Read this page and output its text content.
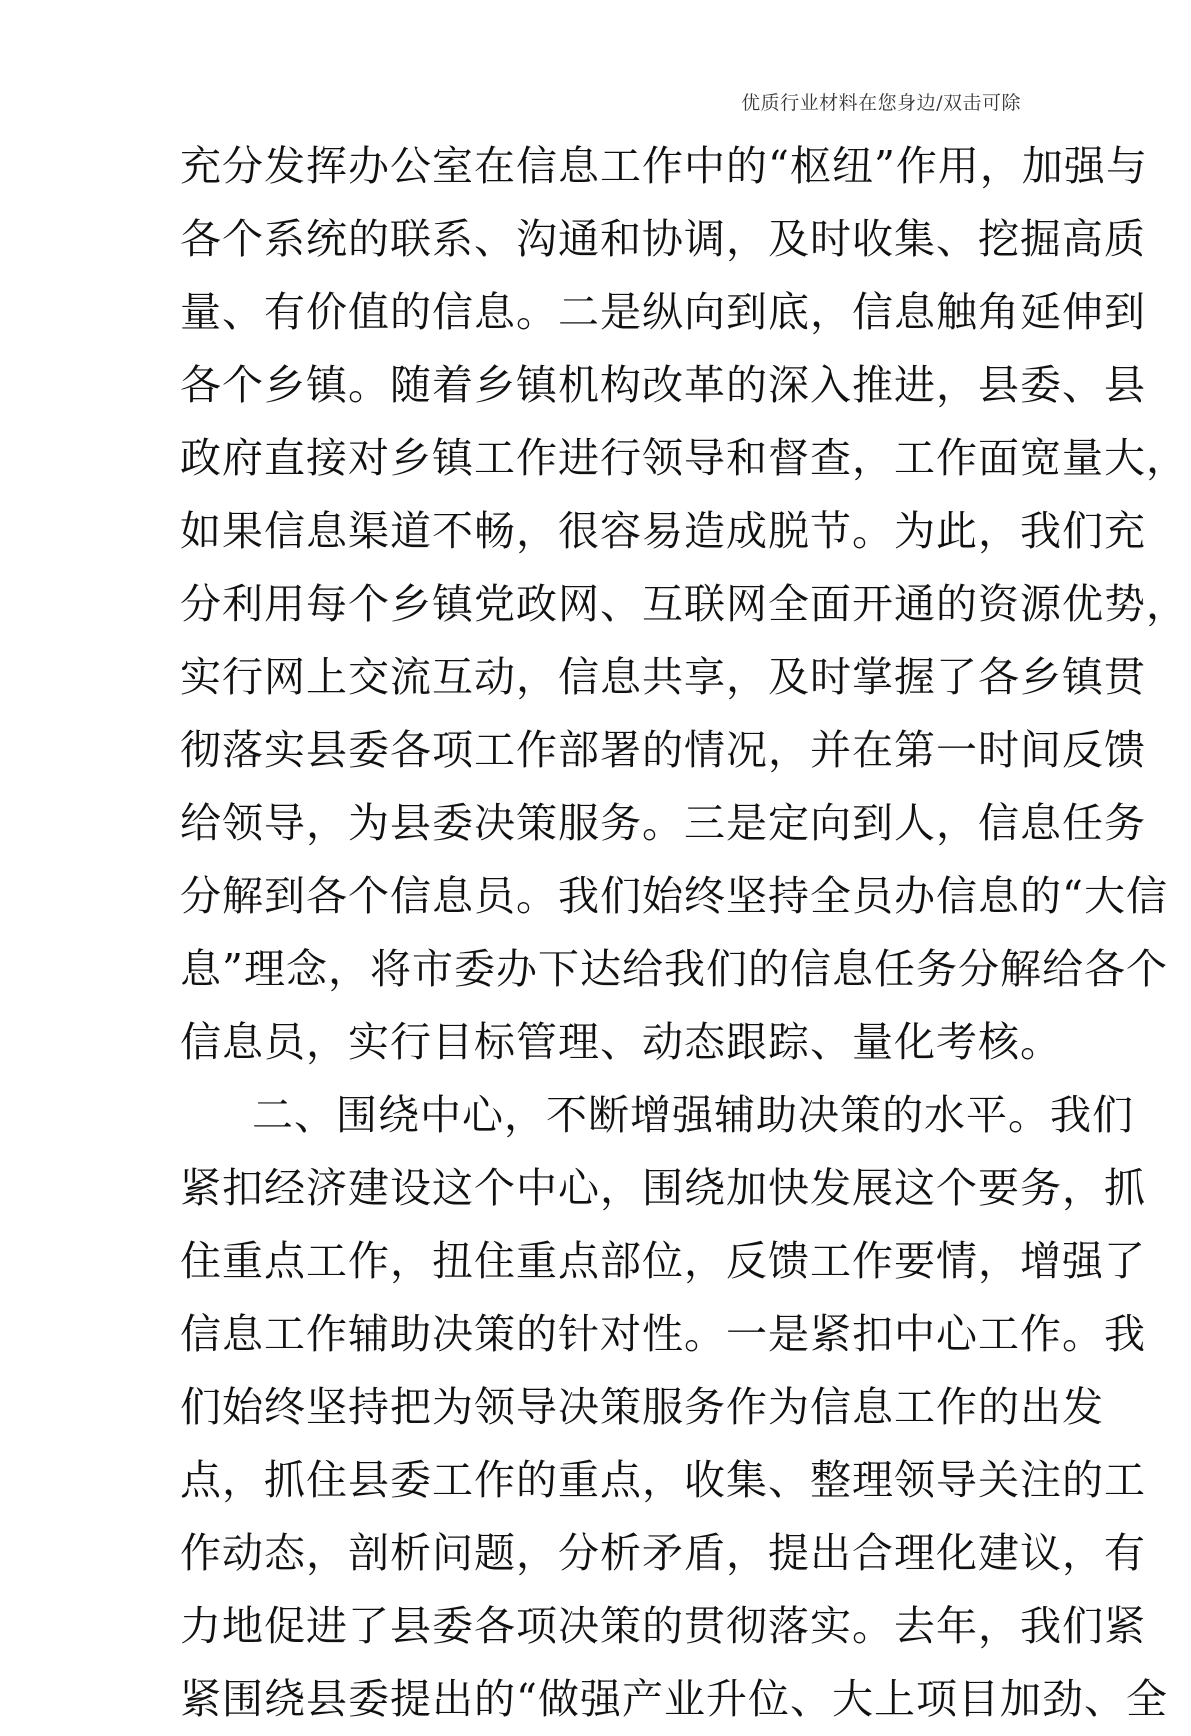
优质行业材料在您身边/双击可除
充分发挥办公室在信息工作中的“枢纽”作用，加强与
各个系统的联系、沟通和协调，及时收集、挖掘高质
量、有价值的信息。二是纵向到底，信息触角延伸到
各个乡镇。随着乡镇机构改革的深入推进，县委、县
政府直接对乡镇工作进行领导和督查，工作面宽量大，
如果信息渠道不畅，很容易造成脱节。为此，我们充
分利用每个乡镇党政网、互联网全面开通的资源优势，
实行网上交流互动，信息共享，及时掌握了各乡镇贯
彻落实县委各项工作部署的情况，并在第一时间反馈
给领导，为县委决策服务。三是定向到人，信息任务
分解到各个信息员。我们始终坚持全员办信息的“大信
息”理念，将市委办下达给我们的信息任务分解给各个
信息员，实行目标管理、动态跟踪、量化考核。
二、围绕中心，不断增强辅助决策的水平。我们
紧扣经济建设这个中心，围绕加快发展这个要务，抓
住重点工作，扭住重点部位，反馈工作要情，增强了
信息工作辅助决策的针对性。一是紧扣中心工作。我
们始终坚持把为领导决策服务作为信息工作的出发
点，抓住县委工作的重点，收集、整理领导关注的工
作动态，剖析问题，分析矛盾，提出合理化建议，有
力地促进了县委各项决策的贯彻落实。去年，我们紧
紧围绕县委提出的“做强产业升位、大上项目加劲、全
